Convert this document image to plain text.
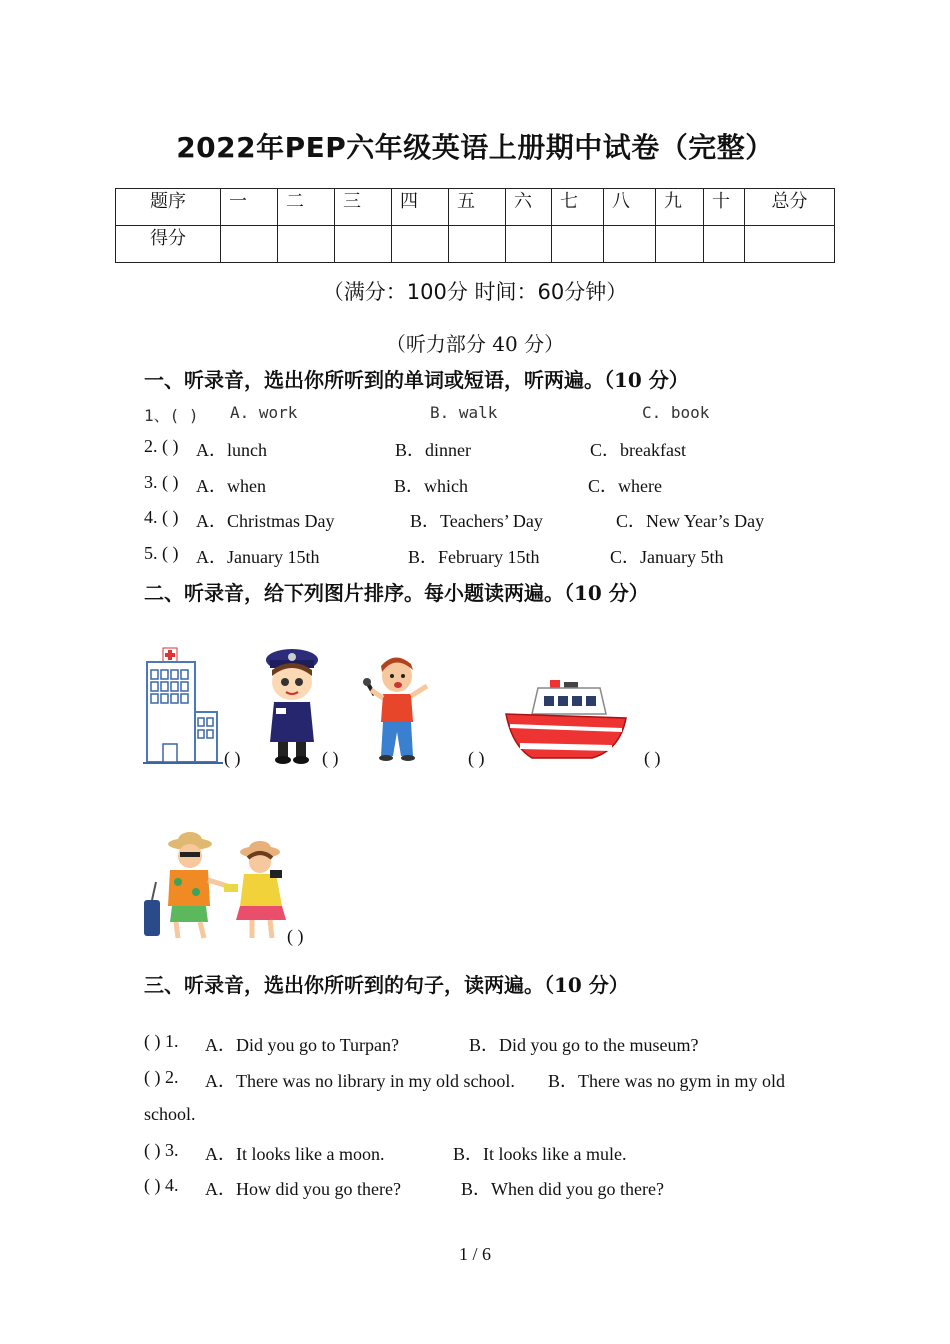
2022年PEP六年级英语上册期中试卷（完整）
题序	一	二	三	四	五	六	七	八	九	十	总分
得分											
（满分：100分 时间：60分钟）
（听力部分 40 分）
一、听录音，选出你所听到的单词或短语，听两遍。（10 分）
1、( ) A. work	B. walk	C. book
2. ( ) A．lunch	B．dinner	C．breakfast
3. ( ) A．when	B．which	C．where
4. ( ) A．Christmas Day	B．Teachers’ Day	C．New Year’s Day
5. ( ) A．January 15th	B．February 15th	C．January 5th
二、听录音，给下列图片排序。每小题读两遍。（10 分）
( )	( )	( )	( )
( )
三、听录音，选出你所听到的句子，读两遍。（10 分）
( ) 1. A．Did you go to Turpan?	B．Did you go to the museum?
( ) 2. A．There was no library in my old school. B．There was no gym in my old
school.
( ) 3. A．It looks like a moon.	B．It looks like a mule.
( ) 4. A．How did you go there?	B．When did you go there?
1 / 6
